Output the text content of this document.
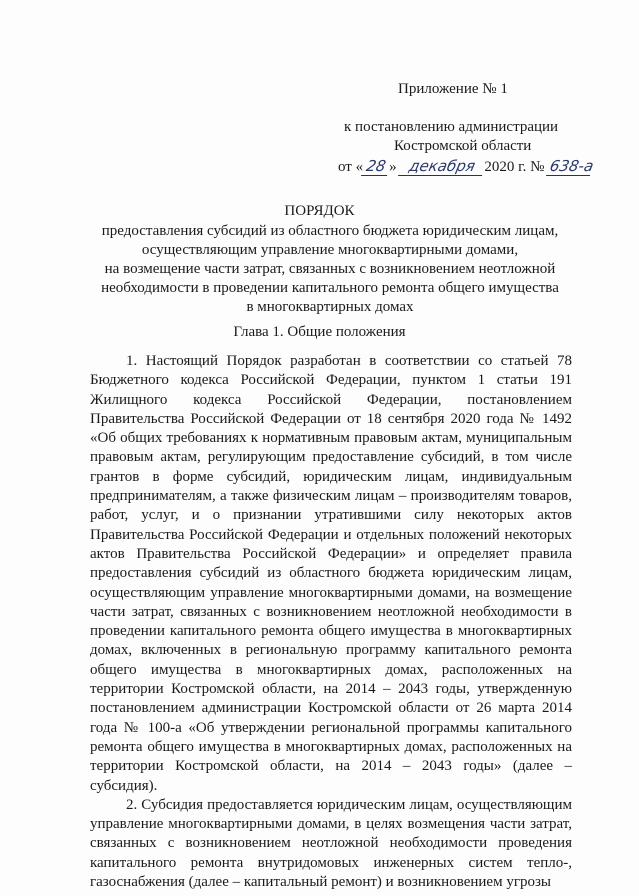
Приложение № 1
к постановлению администрации
Костромской области
от « 28» декабря 2020 г. № 638-а
ПОРЯДОК
предоставления субсидий из областного бюджета юридическим лицам,
осуществляющим управление многоквартирными домами,
на возмещение части затрат, связанных с возникновением неотложной
необходимости в проведении капитального ремонта общего имущества
в многоквартирных домах
Глава 1. Общие положения

1. Настоящий Порядок разработан в соответствии со статьей 78 Бюджетного кодекса Российской Федерации, пунктом 1 статьи 191 Жилищного кодекса Российской Федерации, постановлением Правительства Российской Федерации от 18 сентября 2020 года № 1492 «Об общих требованиях к нормативным правовым актам, муниципальным правовым актам, регулирующим предоставление субсидий, в том числе грантов в форме субсидий, юридическим лицам, индивидуальным предпринимателям, а также физическим лицам – производителям товаров, работ, услуг, и о признании утратившими силу некоторых актов Правительства Российской Федерации и отдельных положений некоторых актов Правительства Российской Федерации» и определяет правила предоставления субсидий из областного бюджета юридическим лицам, осуществляющим управление многоквартирными домами, на возмещение части затрат, связанных с возникновением неотложной необходимости в проведении капитального ремонта общего имущества в многоквартирных домах, включенных в региональную программу капитального ремонта общего имущества в многоквартирных домах, расположенных на территории Костромской области, на 2014 – 2043 годы, утвержденную постановлением администрации Костромской области от 26 марта 2014 года № 100-а «Об утверждении региональной программы капитального ремонта общего имущества в многоквартирных домах, расположенных на территории Костромской области, на 2014 – 2043 годы» (далее – субсидия).

2. Субсидия предоставляется юридическим лицам, осуществляющим управление многоквартирными домами, в целях возмещения части затрат, связанных с возникновением неотложной необходимости проведения капитального ремонта внутридомовых инженерных систем тепло-, газоснабжения (далее – капитальный ремонт) и возникновением угрозы
